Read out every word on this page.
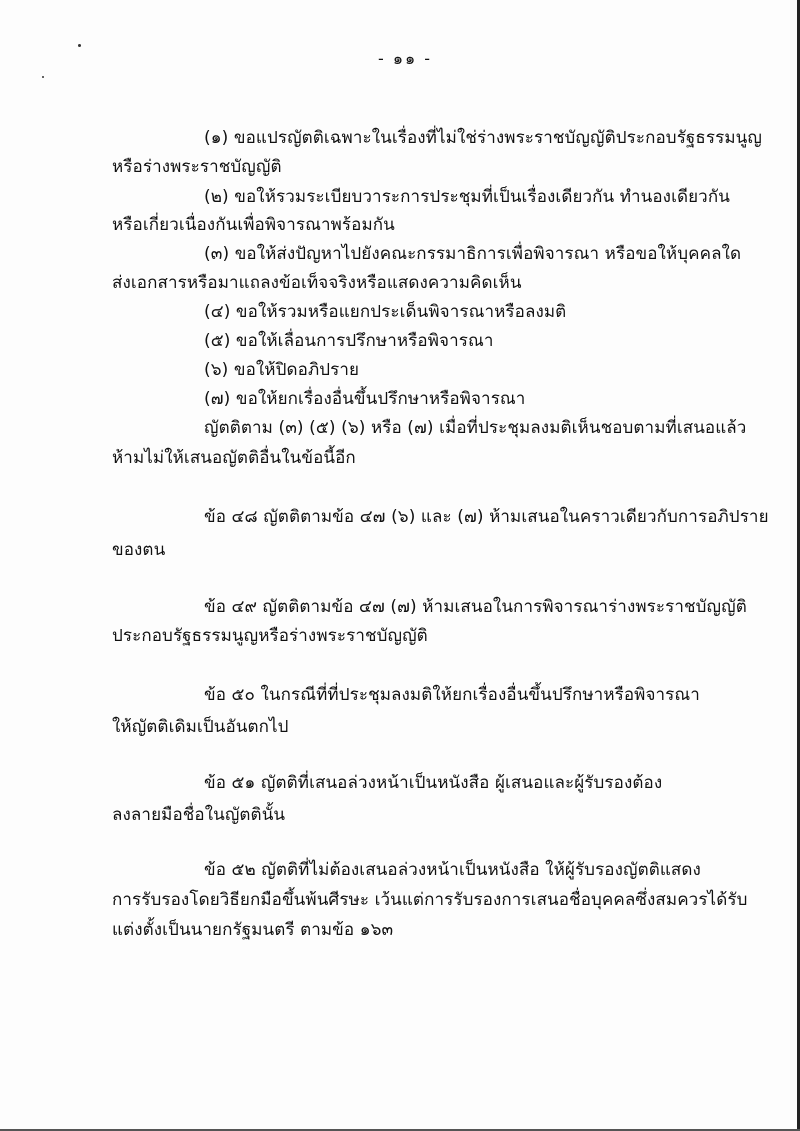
- ๑๑ -
(๑) ขอแปรญัตติเฉพาะในเรื่องที่ไม่ใช่ร่างพระราชบัญญัติประกอบรัฐธรรมนูญ
หรือร่างพระราชบัญญัติ
(๒) ขอให้รวมระเบียบวาระการประชุมที่เป็นเรื่องเดียวกัน ทำนองเดียวกัน
หรือเกี่ยวเนื่องกันเพื่อพิจารณาพร้อมกัน
(๓) ขอให้ส่งปัญหาไปยังคณะกรรมาธิการเพื่อพิจารณา หรือขอให้บุคคลใด
ส่งเอกสารหรือมาแถลงข้อเท็จจริงหรือแสดงความคิดเห็น
(๔) ขอให้รวมหรือแยกประเด็นพิจารณาหรือลงมติ
(๕) ขอให้เลื่อนการปรึกษาหรือพิจารณา
(๖) ขอให้ปิดอภิปราย
(๗) ขอให้ยกเรื่องอื่นขึ้นปรึกษาหรือพิจารณา
ญัตติตาม (๓) (๕) (๖) หรือ (๗) เมื่อที่ประชุมลงมติเห็นชอบตามที่เสนอแล้ว
ห้ามไม่ให้เสนอญัตติอื่นในข้อนี้อีก
ข้อ ๔๘ ญัตติตามข้อ ๔๗ (๖) และ (๗) ห้ามเสนอในคราวเดียวกับการอภิปราย
ของตน
ข้อ ๔๙ ญัตติตามข้อ ๔๗ (๗) ห้ามเสนอในการพิจารณาร่างพระราชบัญญัติ
ประกอบรัฐธรรมนูญหรือร่างพระราชบัญญัติ
ข้อ ๕๐ ในกรณีที่ที่ประชุมลงมติให้ยกเรื่องอื่นขึ้นปรึกษาหรือพิจารณา
ให้ญัตติเดิมเป็นอันตกไป
ข้อ ๕๑ ญัตติที่เสนอล่วงหน้าเป็นหนังสือ ผู้เสนอและผู้รับรองต้อง
ลงลายมือชื่อในญัตตินั้น
ข้อ ๕๒ ญัตติที่ไม่ต้องเสนอล่วงหน้าเป็นหนังสือ ให้ผู้รับรองญัตติแสดง
การรับรองโดยวิธียกมือขึ้นพ้นศีรษะ เว้นแต่การรับรองการเสนอชื่อบุคคลซึ่งสมควรได้รับ
แต่งตั้งเป็นนายกรัฐมนตรี ตามข้อ ๑๖๓
